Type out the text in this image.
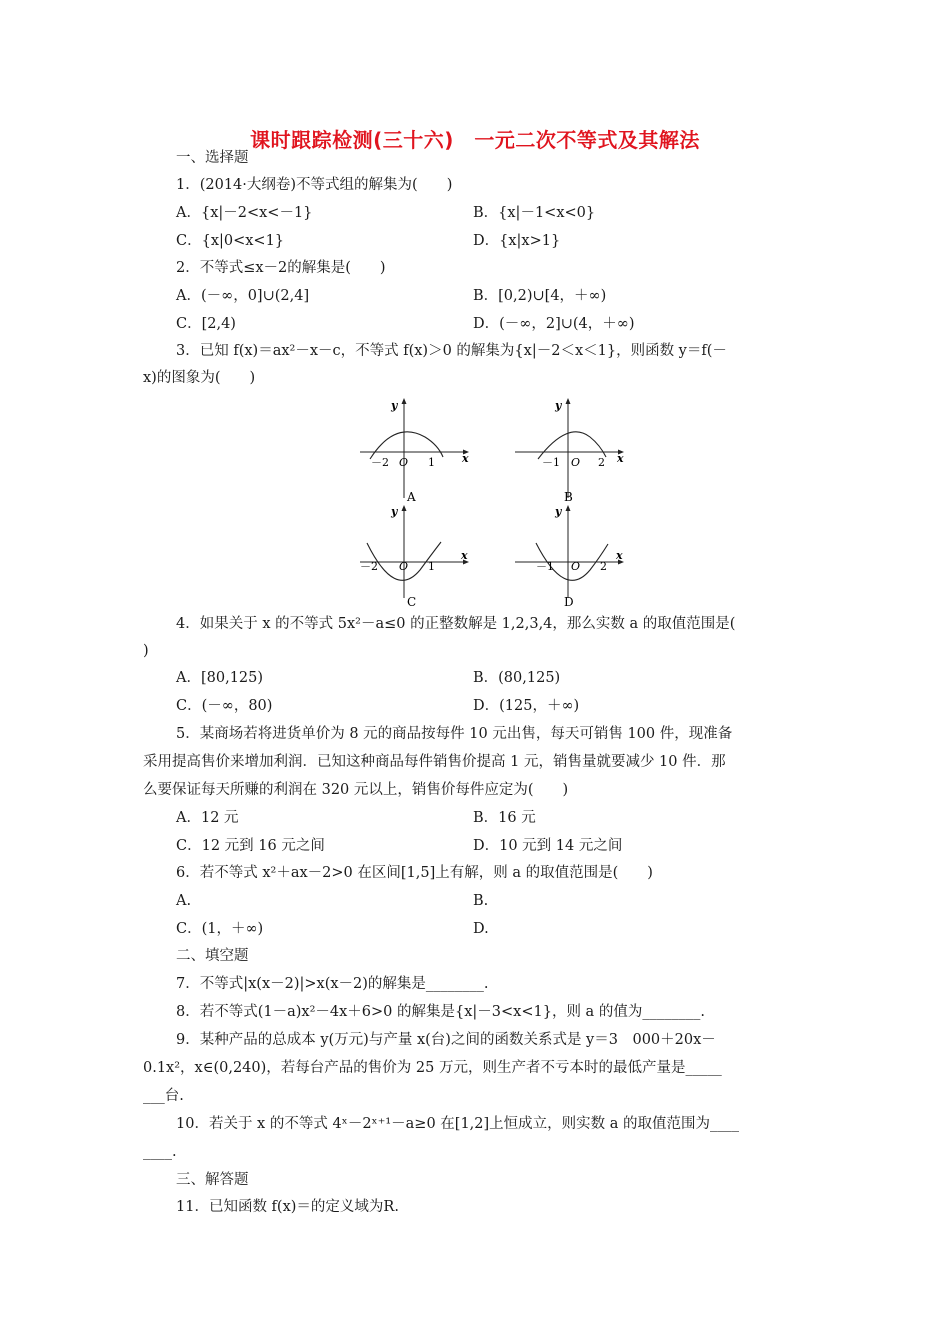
课时跟踪检测(三十六)　一元二次不等式及其解法
一、选择题
1．(2014·大纲卷)不等式组的解集为(　　)
A．{x|－2<x<－1}	B．{x|－1<x<0}
C．{x|0<x<1}	D．{x|x>1}
2．不等式≤x－2的解集是(　　)
A．(－∞，0]∪(2,4]	B．[0,2)∪[4，＋∞)
C．[2,4)	D．(－∞，2]∪(4，＋∞)
3．已知 f(x)＝ax²－x－c，不等式 f(x)＞0 的解集为{x|－2＜x＜1}，则函数 y＝f(－
x)的图象为(　　)
y
x
－2 O 1
A
y
x
－1 O 2
B
y
x
－2 O 1
C
y
x
－1 O 2
D
4．如果关于 x 的不等式 5x²－a≤0 的正整数解是 1,2,3,4，那么实数 a 的取值范围是(
)
A．[80,125)	B．(80,125)
C．(－∞，80)	D．(125，＋∞)
5．某商场若将进货单价为 8 元的商品按每件 10 元出售，每天可销售 100 件，现准备
采用提高售价来增加利润．已知这种商品每件销售价提高 1 元，销售量就要减少 10 件．那
么要保证每天所赚的利润在 320 元以上，销售价每件应定为(　　)
A．12 元	B．16 元
C．12 元到 16 元之间	D．10 元到 14 元之间
6．若不等式 x²＋ax－2>0 在区间[1,5]上有解，则 a 的取值范围是(　　)
A.	B.
C．(1，＋∞)	D.
二、填空题
7．不等式|x(x－2)|>x(x－2)的解集是________.
8．若不等式(1－a)x²－4x＋6>0 的解集是{x|－3<x<1}，则 a 的值为________.
9．某种产品的总成本 y(万元)与产量 x(台)之间的函数关系式是 y＝3　000＋20x－
0.1x²，x∈(0,240)，若每台产品的售价为 25 万元，则生产者不亏本时的最低产量是_____
___台.
10．若关于 x 的不等式 4ˣ－2ˣ⁺¹－a≥0 在[1,2]上恒成立，则实数 a 的取值范围为____
____.
三、解答题
11．已知函数 f(x)＝的定义域为R.
